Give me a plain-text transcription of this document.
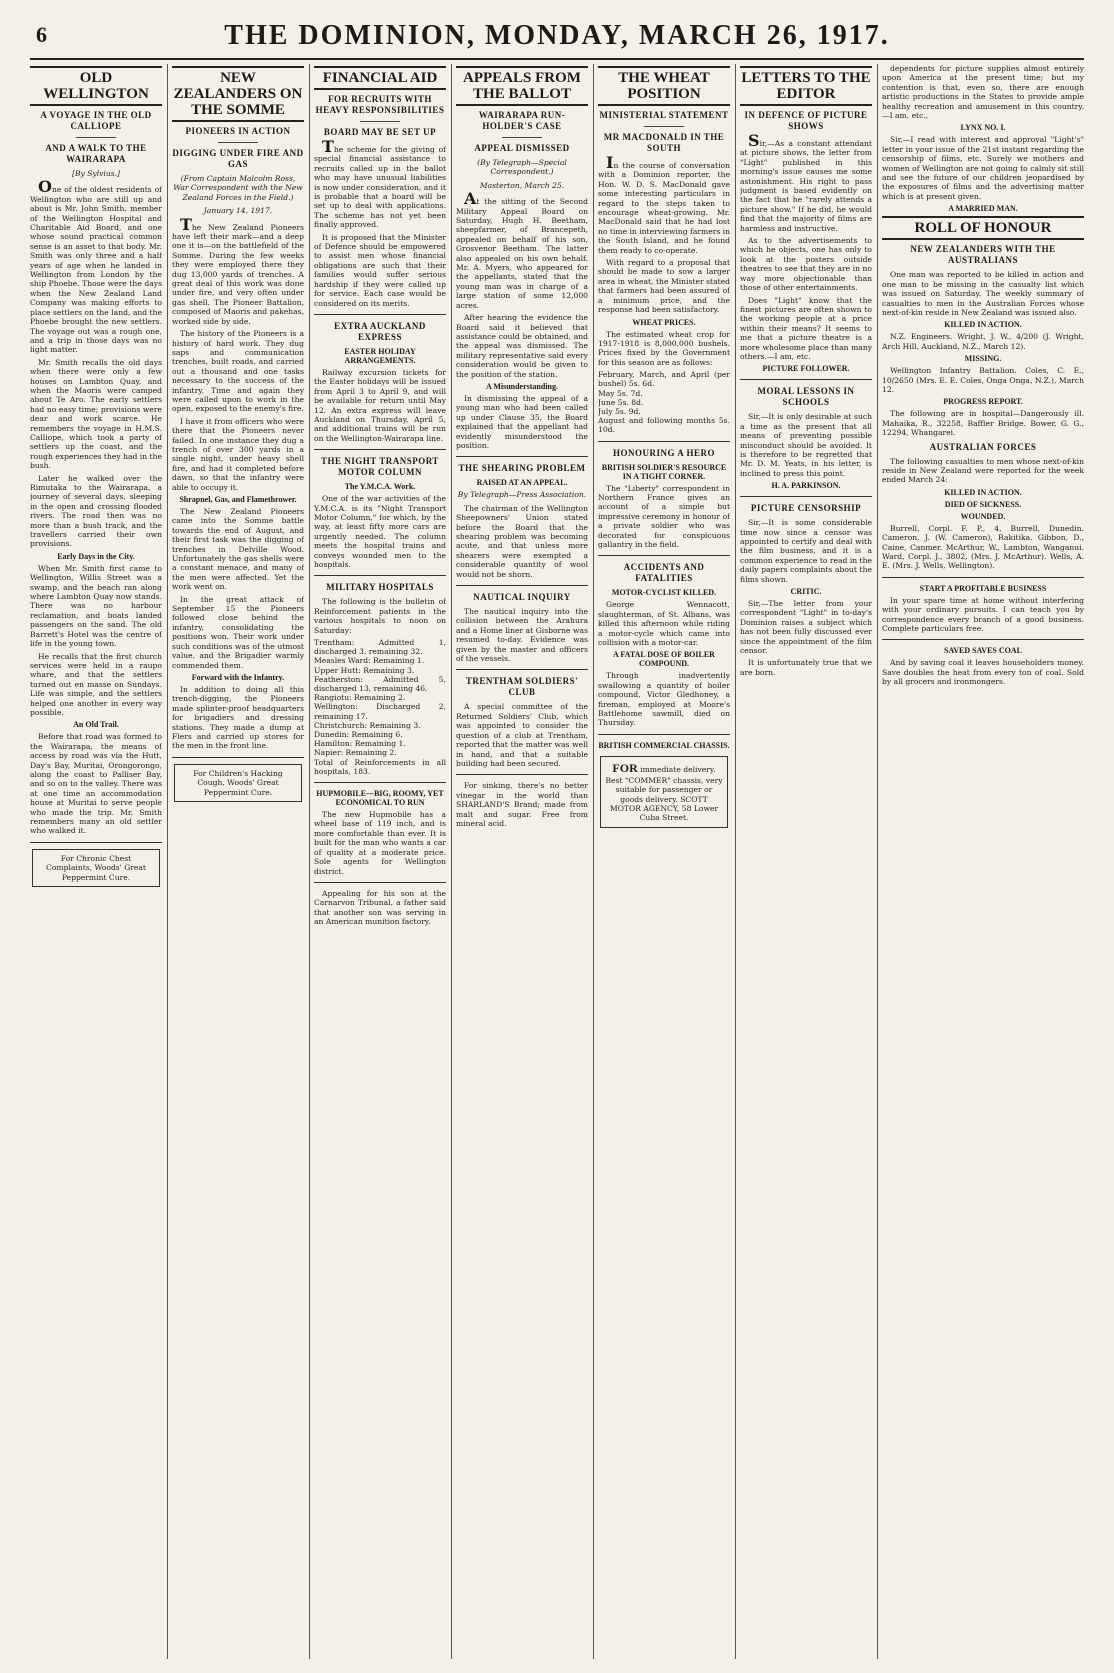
6	THE DOMINION, MONDAY, MARCH 26, 1917.
OLD WELLINGTON
A VOYAGE IN THE OLD CALLIOPE
AND A WALK TO THE WAIRARAPA
[By Sylvius.]

One of the oldest residents of Wellington who are still up and about is Mr. John Smith, member of the Wellington Hospital and Charitable Aid Board, and one whose sound practical common sense is an asset to that body. Mr. Smith was only three and a half years of age when he landed in Wellington from London by the ship Phoebe. Those were the days when the New Zealand Land Company was making efforts to place settlers on the land, and the Phoebe brought the new settlers. The voyage out was a rough one, and a trip in those days was no light matter.

Mr. Smith recalls the old days when there were only a few houses on Lambton Quay, and when the Maoris were camped about Te Aro. The early settlers had no easy time; provisions were dear and work scarce. He remembers the voyage in H.M.S. Calliope, which took a party of settlers up the coast, and the rough experiences they had in the bush.

Later he walked over the Rimutaka to the Wairarapa, a journey of several days, sleeping in the open and crossing flooded rivers. The road then was no more than a bush track, and the travellers carried their own provisions.

Early Days in the City.

When Mr. Smith first came to Wellington, Willis Street was a swamp, and the beach ran along where Lambton Quay now stands. There was no harbour reclamation, and boats landed passengers on the sand. The old Barrett's Hotel was the centre of life in the young town.

He recalls that the first church services were held in a raupo whare, and that the settlers turned out en masse on Sundays. Life was simple, and the settlers helped one another in every way possible.

An Old Trail.

Before that road was formed to the Wairarapa, the means of access by road was via the Hutt, Day's Bay, Muritai, Orongorongo, along the coast to Palliser Bay, and so on to the valley. There was at one time an accommodation house at Muritai to serve people who made the trip. Mr. Smith remembers many an old settler who walked it.

For Chronic Chest Complaints, Woods' Great Peppermint Cure.
NEW ZEALANDERS ON THE SOMME
PIONEERS IN ACTION
DIGGING UNDER FIRE AND GAS
(From Captain Malcolm Ross, War Correspondent with the New Zealand Forces in the Field.)
January 14, 1917.

The New Zealand Pioneers have left their mark—and a deep one it is—on the battlefield of the Somme. During the few weeks they were employed there they dug 13,000 yards of trenches. A great deal of this work was done under fire, and very often under gas shell. The Pioneer Battalion, composed of Maoris and pakehas, worked side by side.

The history of the Pioneers is a history of hard work. They dug saps and communication trenches, built roads, and carried out a thousand and one tasks necessary to the success of the infantry. Time and again they were called upon to work in the open, exposed to the enemy's fire.

I have it from officers who were there that the Pioneers never failed. In one instance they dug a trench of over 300 yards in a single night, under heavy shell fire, and had it completed before dawn, so that the infantry were able to occupy it.

Shrapnel, Gas, and Flamethrower.

The New Zealand Pioneers came into the Somme battle towards the end of August, and their first task was the digging of trenches in Delville Wood. Unfortunately the gas shells were a constant menace, and many of the men were affected. Yet the work went on.

In the great attack of September 15 the Pioneers followed close behind the infantry, consolidating the positions won. Their work under such conditions was of the utmost value, and the Brigadier warmly commended them.

Forward with the Infantry.

In addition to doing all this trench-digging, the Pioneers made splinter-proof headquarters for brigadiers and dressing stations. They made a dump at Flers and carried up stores for the men in the front line.

For Children's Hacking Cough, Woods' Great Peppermint Cure.
FINANCIAL AID
FOR RECRUITS WITH HEAVY RESPONSIBILITIES
BOARD MAY BE SET UP

The scheme for the giving of special financial assistance to recruits called up in the ballot who may have unusual liabilities is now under consideration, and it is probable that a board will be set up to deal with applications. The scheme has not yet been finally approved.

It is proposed that the Minister of Defence should be empowered to assist men whose financial obligations are such that their families would suffer serious hardship if they were called up for service. Each case would be considered on its merits.

EXTRA AUCKLAND EXPRESS
EASTER HOLIDAY ARRANGEMENTS.

Railway excursion tickets for the Easter holidays will be issued from April 3 to April 9, and will be available for return until May 12. An extra express will leave Auckland on Thursday, April 5, and additional trains will be run on the Wellington-Wairarapa line.

THE NIGHT TRANSPORT MOTOR COLUMN
The Y.M.C.A. Work.

One of the war activities of the Y.M.C.A. is its "Night Transport Motor Column," for which, by the way, at least fifty more cars are urgently needed. The column meets the hospital trains and conveys wounded men to the hospitals.

MILITARY HOSPITALS

The following is the bulletin of Reinforcement patients in the various hospitals to noon on Saturday:

Trentham: Admitted 1, discharged 3, remaining 32.
Measles Ward: Remaining 1.
Upper Hutt: Remaining 3.
Featherston: Admitted 5, discharged 13, remaining 46.
Rangiotu: Remaining 2.
Wellington: Discharged 2, remaining 17.
Christchurch: Remaining 3.
Dunedin: Remaining 6.
Hamilton: Remaining 1.
Napier: Remaining 2.
Total of Reinforcements in all hospitals, 183.
HUPMOBILE—BIG, ROOMY, YET ECONOMICAL TO RUN

The new Hupmobile has a wheel base of 119 inch, and is more comfortable than ever. It is built for the man who wants a car of quality at a moderate price. Sole agents for Wellington district.

Appealing for his son at the Carnarvon Tribunal, a father said that another son was serving in an American munition factory.

APPEALS FROM THE BALLOT
WAIRARAPA RUN-HOLDER'S CASE
APPEAL DISMISSED
(By Telegraph—Special Correspondent.)
Masterton, March 25.

At the sitting of the Second Military Appeal Board on Saturday, Hugh H. Beetham, sheepfarmer, of Brancepeth, appealed on behalf of his son, Grosvenor Beetham. The latter also appealed on his own behalf. Mr. A. Myers, who appeared for the appellants, stated that the young man was in charge of a large station of some 12,000 acres.

After hearing the evidence the Board said it believed that assistance could be obtained, and the appeal was dismissed. The military representative said every consideration would be given to the position of the station.

A Misunderstanding.

In dismissing the appeal of a young man who had been called up under Clause 35, the Board explained that the appellant had evidently misunderstood the position.

THE SHEARING PROBLEM
RAISED AT AN APPEAL.
By Telegraph—Press Association.

The chairman of the Wellington Sheepowners' Union stated before the Board that the shearing problem was becoming acute, and that unless more shearers were exempted a considerable quantity of wool would not be shorn.

NAUTICAL INQUIRY

The nautical inquiry into the collision between the Arahura and a Home liner at Gisborne was resumed to-day. Evidence was given by the master and officers of the vessels.

TRENTHAM SOLDIERS' CLUB

A special committee of the Returned Soldiers' Club, which was appointed to consider the question of a club at Trentham, reported that the matter was well in hand, and that a suitable building had been secured.

For sinking, there's no better vinegar in the world than SHARLAND'S Brand; made from malt and sugar. Free from mineral acid.

THE WHEAT POSITION
MINISTERIAL STATEMENT
MR MACDONALD IN THE SOUTH

In the course of conversation with a Dominion reporter, the Hon. W. D. S. MacDonald gave some interesting particulars in regard to the steps taken to encourage wheat-growing. Mr. MacDonald said that he had lost no time in interviewing farmers in the South Island, and he found them ready to co-operate.

With regard to a proposal that should be made to sow a larger area in wheat, the Minister stated that farmers had been assured of a minimum price, and the response had been satisfactory.

WHEAT PRICES.

The estimated wheat crop for 1917-1918 is 8,000,000 bushels. Prices fixed by the Government for this season are as follows:

February, March, and April (per bushel) 5s. 6d.
May 5s. 7d.
June 5s. 8d.
July 5s. 9d.
August and following months 5s. 10d.
HONOURING A HERO
BRITISH SOLDIER'S RESOURCE IN A TIGHT CORNER.

The "Liberty" correspondent in Northern France gives an account of a simple but impressive ceremony in honour of a private soldier who was decorated for conspicuous gallantry in the field.

ACCIDENTS AND FATALITIES
MOTOR-CYCLIST KILLED.

George Wennacott, slaughterman, of St. Albans, was killed this afternoon while riding a motor-cycle which came into collision with a motor-car.

A FATAL DOSE OF BOILER COMPOUND.

Through inadvertently swallowing a quantity of boiler compound, Victor Gledhoney, a fireman, employed at Moore's Battlehome sawmill, died on Thursday.

BRITISH COMMERCIAL CHASSIS.
FOR immediate delivery. Best "COMMER" chassis, very suitable for passenger or goods delivery. SCOTT MOTOR AGENCY, 58 Lower Cuba Street.
LETTERS TO THE EDITOR
IN DEFENCE OF PICTURE SHOWS

Sir,—As a constant attendant at picture shows, the letter from "Light" published in this morning's issue causes me some astonishment. His right to pass judgment is based evidently on the fact that he "rarely attends a picture show." If he did, he would find that the majority of films are harmless and instructive.

As to the advertisements to which he objects, one has only to look at the posters outside theatres to see that they are in no way more objectionable than those of other entertainments.

Does "Light" know that the finest pictures are often shown to the working people at a price within their means? It seems to me that a picture theatre is a more wholesome place than many others.—I am, etc.

PICTURE FOLLOWER.
MORAL LESSONS IN SCHOOLS

Sir,—It is only desirable at such a time as the present that all means of preventing possible misconduct should be avoided. It is therefore to be regretted that Mr. D. M. Yeats, in his letter, is inclined to press this point.

H. A. PARKINSON.
PICTURE CENSORSHIP

Sir,—It is some considerable time now since a censor was appointed to certify and deal with the film business, and it is a common experience to read in the daily papers complaints about the films shown.

CRITIC.

Sir,—The letter from your correspondent "Light" in to-day's Dominion raises a subject which has not been fully discussed ever since the appointment of the film censor.

It is unfortunately true that we are born.

dependents for picture supplies almost entirely upon America at the present time; but my contention is that, even so, there are enough artistic productions in the States to provide ample healthy recreation and amusement in this country.—I am, etc.,

LYNX NO. I.

Sir,—I read with interest and approval "Light's" letter in your issue of the 21st instant regarding the censorship of films, etc. Surely we mothers and women of Wellington are not going to calmly sit still and see the future of our children jeopardised by the exposures of films and the advertising matter which is at present given.

A MARRIED MAN.
ROLL OF HONOUR
NEW ZEALANDERS WITH THE AUSTRALIANS

One man was reported to be killed in action and one man to be missing in the casualty list which was issued on Saturday. The weekly summary of casualties to men in the Australian Forces whose next-of-kin reside in New Zealand was issued also.

KILLED IN ACTION.

N.Z. Engineers. Wright, J. W., 4/200 (J. Wright, Arch Hill, Auckland, N.Z., March 12).

MISSING.

Wellington Infantry Battalion. Coles, C. E., 10/2650 (Mrs. E. E. Coles, Onga Onga, N.Z.), March 12.

PROGRESS REPORT.

The following are in hospital—Dangerously ill. Mahaika, R., 32258, Baffler Bridge. Bower, G. G., 12294, Whangarei.

AUSTRALIAN FORCES

The following casualties to men whose next-of-kin reside in New Zealand were reported for the week ended March 24:

KILLED IN ACTION.
DIED OF SICKNESS.
WOUNDED.

Burrell, Corpl. F. P., 4, Burrell, Dunedin. Cameron, J. (W. Cameron), Rakitika. Gibbon, D., Caine, Canmer. McArthur, W., Lambton, Wanganui. Ward, Corpl. J., 3802, (Mrs. J. McArthur). Wells, A. E. (Mrs. J. Wells, Wellington).

START A PROFITABLE BUSINESS

In your spare time at home without interfering with your ordinary pursuits. I can teach you by correspondence every branch of a good business. Complete particulars free.

SAVED SAVES COAL

And by saving coal it leaves householders money. Save doubles the heat from every ton of coal. Sold by all grocers and ironmongers.
